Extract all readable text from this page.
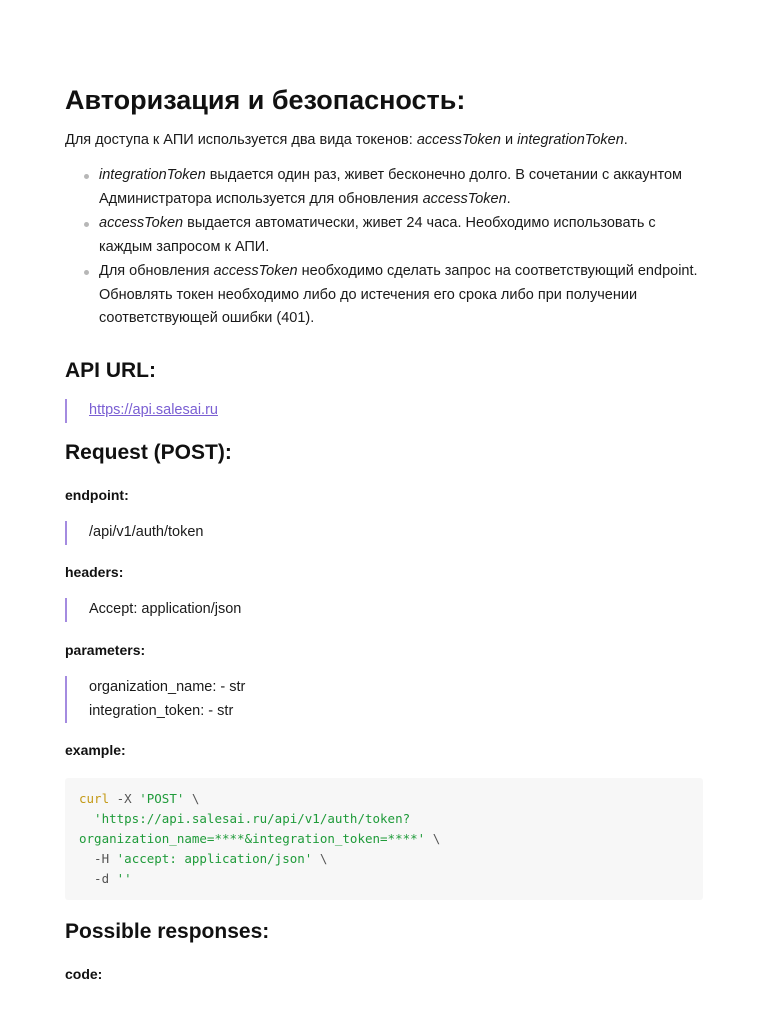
Авторизация и безопасность:

Для доступа к АПИ используется два вида токенов: accessToken и integrationToken.

integrationToken выдается один раз, живет бесконечно долго. В сочетании с аккаунтом Администратора используется для обновления accessToken.
accessToken выдается автоматически, живет 24 часа. Необходимо использовать с каждым запросом к АПИ.
Для обновления accessToken необходимо сделать запрос на соответствующий endpoint. Обновлять токен необходимо либо до истечения его срока либо при получении соответствующей ошибки (401).
API URL:
https://api.salesai.ru
Request (POST):
endpoint:
/api/v1/auth/token
headers:
Accept: application/json
parameters:
organization_name: - str
integration_token: - str
example:
curl -X 'POST' \
'https://api.salesai.ru/api/v1/auth/token?
organization_name=****&integration_token=****' \
-H 'accept: application/json' \
-d ''
Possible responses:
code:
